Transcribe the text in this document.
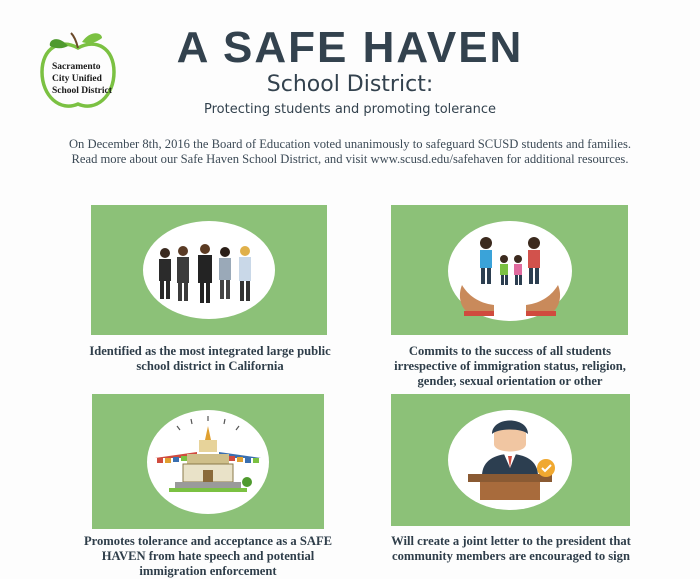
Sacramento
City Unified
School District
A SAFE HAVEN
School District:
Protecting students and promoting tolerance

On December 8th, 2016 the Board of Education voted unanimously to safeguard SCUSD students and families.

Read more about our Safe Haven School District, and visit www.scusd.edu/safehaven for additional resources.

Identified as the most integrated large public

school district in California

Commits to the success of all students

irrespective of immigration status, religion,

gender, sexual orientation or other

Promotes tolerance and acceptance as a SAFE

HAVEN from hate speech and potential

immigration enforcement

Will create a joint letter to the president that

community members are encouraged to sign
